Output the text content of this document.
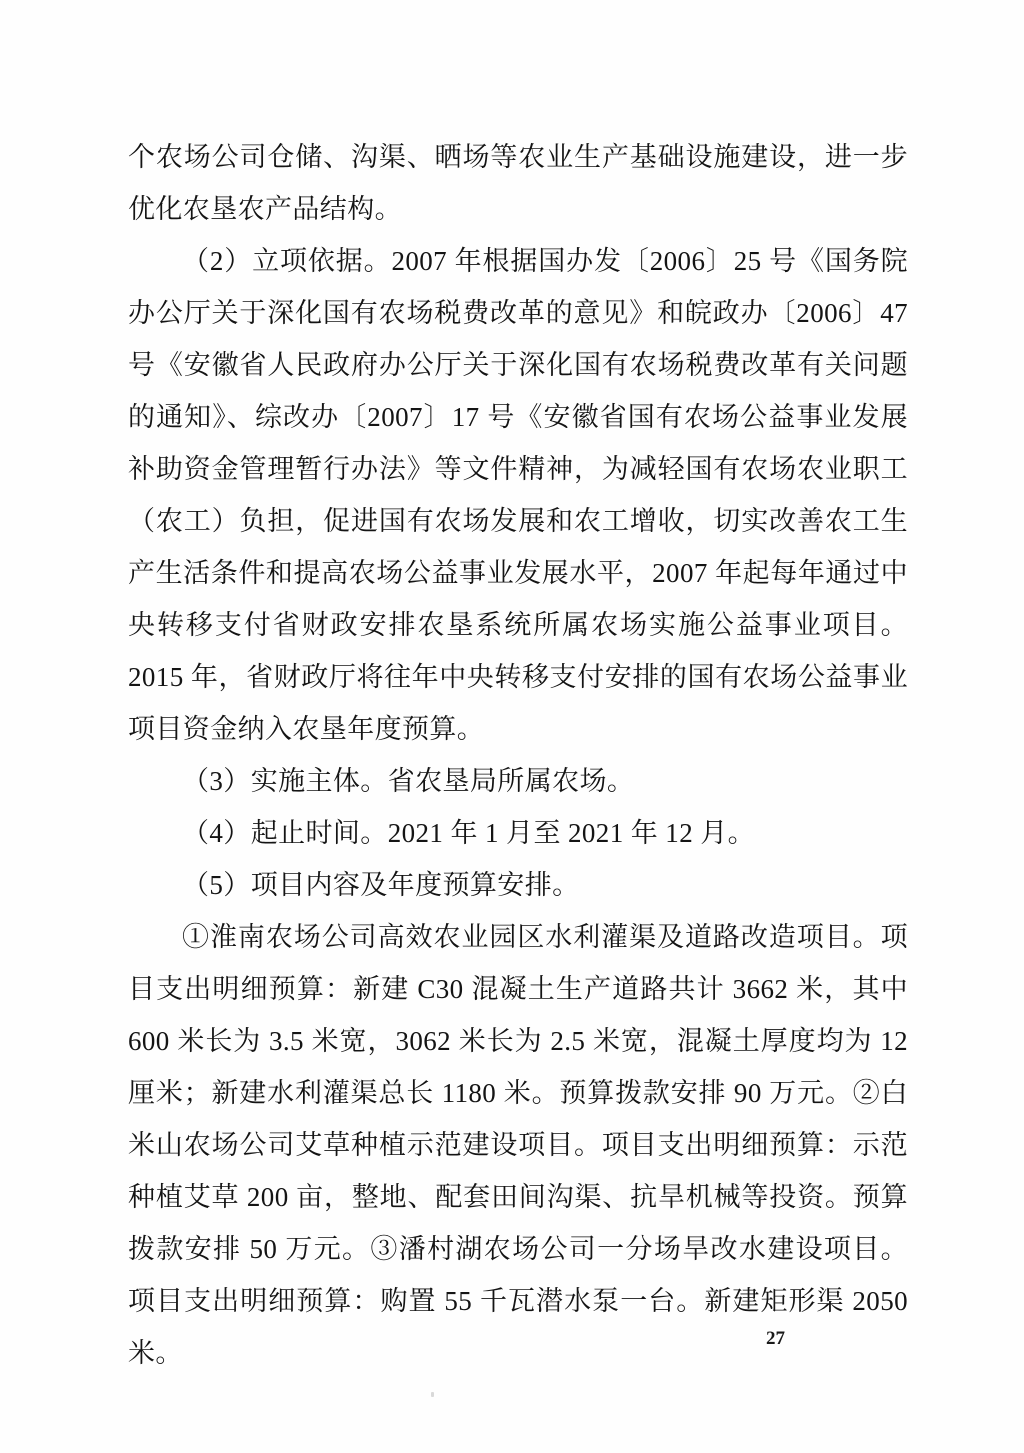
个农场公司仓储、沟渠、晒场等农业生产基础设施建设，进一步优化农垦农产品结构。

（2）立项依据。2007 年根据国办发〔2006〕25 号《国务院办公厅关于深化国有农场税费改革的意见》和皖政办〔2006〕47 号《安徽省人民政府办公厅关于深化国有农场税费改革有关问题的通知》、综改办〔2007〕17 号《安徽省国有农场公益事业发展补助资金管理暂行办法》等文件精神，为减轻国有农场农业职工（农工）负担，促进国有农场发展和农工增收，切实改善农工生产生活条件和提高农场公益事业发展水平，2007 年起每年通过中央转移支付省财政安排农垦系统所属农场实施公益事业项目。2015 年，省财政厅将往年中央转移支付安排的国有农场公益事业项目资金纳入农垦年度预算。

（3）实施主体。省农垦局所属农场。

（4）起止时间。2021 年 1 月至 2021 年 12 月。

（5）项目内容及年度预算安排。

①淮南农场公司高效农业园区水利灌渠及道路改造项目。项目支出明细预算：新建 C30 混凝土生产道路共计 3662 米，其中 600 米长为 3.5 米宽，3062 米长为 2.5 米宽，混凝土厚度均为 12 厘米；新建水利灌渠总长 1180 米。预算拨款安排 90 万元。②白米山农场公司艾草种植示范建设项目。项目支出明细预算：示范种植艾草 200 亩，整地、配套田间沟渠、抗旱机械等投资。预算拨款安排 50 万元。③潘村湖农场公司一分场旱改水建设项目。项目支出明细预算：购置 55 千瓦潜水泵一台。新建矩形渠 2050 米。	27
